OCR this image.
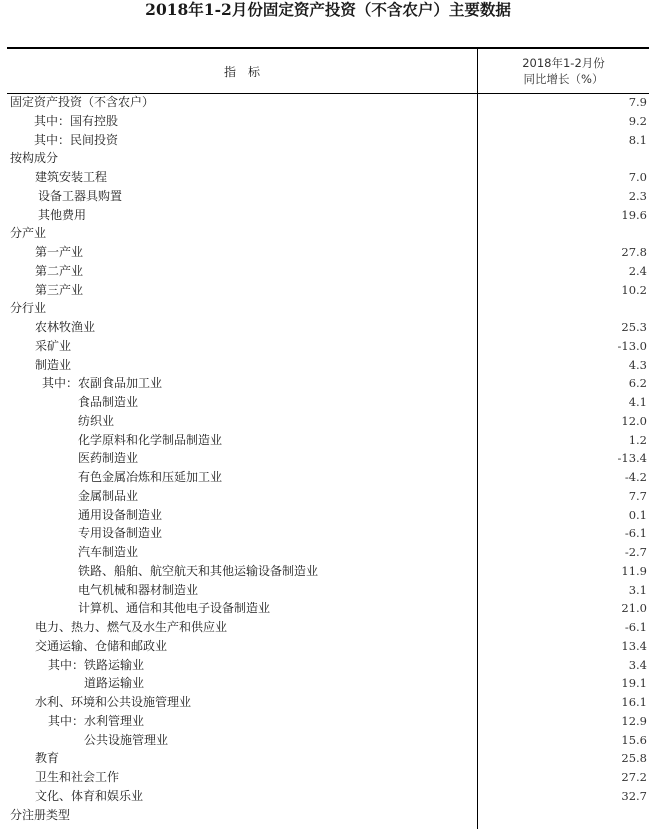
2018年1-2月份固定资产投资（不含农户）主要数据
指　标
2018年1-2月份
同比增长（%）
固定资产投资（不含农户）	7.9
其中：国有控股	9.2
其中：民间投资	8.1
按构成分
建筑安装工程	7.0
设备工器具购置	2.3
其他费用	19.6
分产业
第一产业	27.8
第二产业	2.4
第三产业	10.2
分行业
农林牧渔业	25.3
采矿业	-13.0
制造业	4.3
其中：农副食品加工业	6.2
食品制造业	4.1
纺织业	12.0
化学原料和化学制品制造业	1.2
医药制造业	-13.4
有色金属冶炼和压延加工业	-4.2
金属制品业	7.7
通用设备制造业	0.1
专用设备制造业	-6.1
汽车制造业	-2.7
铁路、船舶、航空航天和其他运输设备制造业	11.9
电气机械和器材制造业	3.1
计算机、通信和其他电子设备制造业	21.0
电力、热力、燃气及水生产和供应业	-6.1
交通运输、仓储和邮政业	13.4
其中：铁路运输业	3.4
道路运输业	19.1
水利、环境和公共设施管理业	16.1
其中：水利管理业	12.9
公共设施管理业	15.6
教育	25.8
卫生和社会工作	27.2
文化、体育和娱乐业	32.7
分注册类型
